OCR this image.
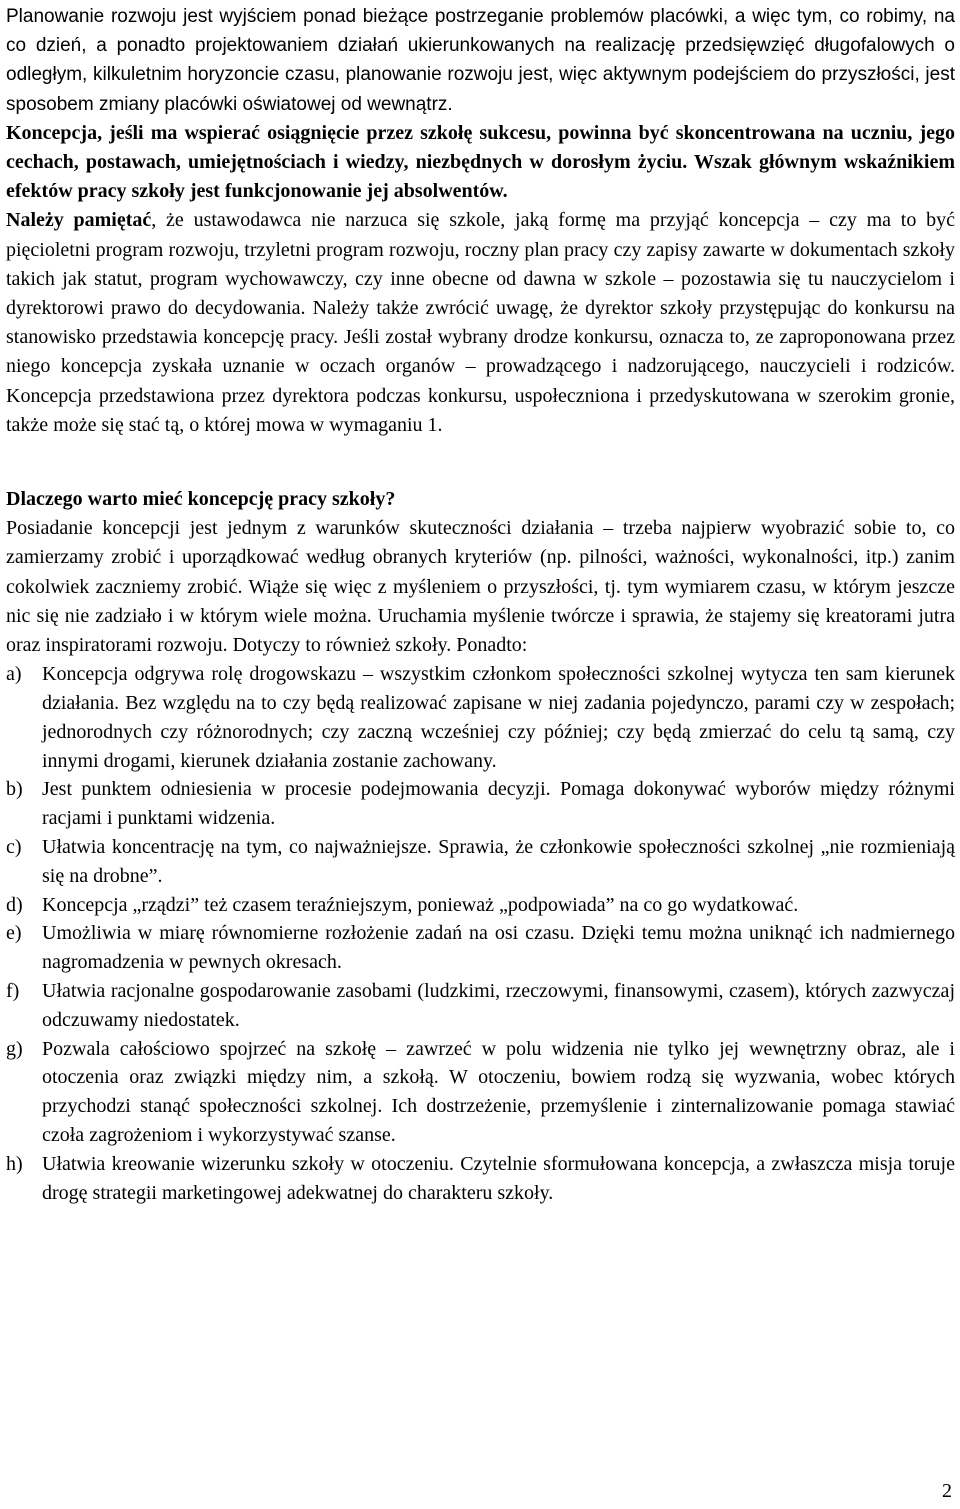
Planowanie rozwoju jest wyjściem ponad bieżące postrzeganie problemów placówki, a więc tym, co robimy, na co dzień, a ponadto projektowaniem działań ukierunkowanych na realizację przedsięwzięć długofalowych o odległym, kilkuletnim horyzoncie czasu, planowanie rozwoju jest, więc aktywnym podejściem do przyszłości, jest sposobem zmiany placówki oświatowej od wewnątrz.

Koncepcja, jeśli ma wspierać osiągnięcie przez szkołę sukcesu, powinna być skoncentrowana na uczniu, jego cechach, postawach, umiejętnościach i wiedzy, niezbędnych w dorosłym życiu. Wszak głównym wskaźnikiem efektów pracy szkoły jest funkcjonowanie jej absolwentów.
Należy pamiętać, że ustawodawca nie narzuca się szkole, jaką formę ma przyjąć koncepcja – czy ma to być pięcioletni program rozwoju, trzyletni program rozwoju, roczny plan pracy czy zapisy zawarte w dokumentach szkoły takich jak statut, program wychowawczy, czy inne obecne od dawna w szkole – pozostawia się tu nauczycielom i dyrektorowi prawo do decydowania. Należy także zwrócić uwagę, że dyrektor szkoły przystępując do konkursu na stanowisko przedstawia koncepcję pracy. Jeśli został wybrany drodze konkursu, oznacza to, ze zaproponowana przez niego koncepcja zyskała uznanie w oczach organów – prowadzącego i nadzorującego, nauczycieli i rodziców. Koncepcja przedstawiona przez dyrektora podczas konkursu, uspołeczniona i przedyskutowana w szerokim gronie, także może się stać tą, o której mowa w wymaganiu 1.

Dlaczego warto mieć koncepcję pracy szkoły?

Posiadanie koncepcji jest jednym z warunków skuteczności działania – trzeba najpierw wyobrazić sobie to, co zamierzamy zrobić i uporządkować według obranych kryteriów (np. pilności, ważności, wykonalności, itp.) zanim cokolwiek zaczniemy zrobić. Wiąże się więc z myśleniem o przyszłości, tj. tym wymiarem czasu, w którym jeszcze nic się nie zadziało i w którym wiele można. Uruchamia myślenie twórcze i sprawia, że stajemy się kreatorami jutra oraz inspiratorami rozwoju. Dotyczy to również szkoły. Ponadto:

a) Koncepcja odgrywa rolę drogowskazu – wszystkim członkom społeczności szkolnej wytycza ten sam kierunek działania. Bez względu na to czy będą realizować zapisane w niej zadania pojedynczo, parami czy w zespołach; jednorodnych czy różnorodnych; czy zaczną wcześniej czy później; czy będą zmierzać do celu tą samą, czy innymi drogami, kierunek działania zostanie zachowany.
b) Jest punktem odniesienia w procesie podejmowania decyzji. Pomaga dokonywać wyborów między różnymi racjami i punktami widzenia.
c) Ułatwia koncentrację na tym, co najważniejsze. Sprawia, że członkowie społeczności szkolnej „nie rozmieniają się na drobne”.
d) Koncepcja „rządzi” też czasem teraźniejszym, ponieważ „podpowiada” na co go wydatkować.
e) Umożliwia w miarę równomierne rozłożenie zadań na osi czasu. Dzięki temu można uniknąć ich nadmiernego nagromadzenia w pewnych okresach.
f) Ułatwia racjonalne gospodarowanie zasobami (ludzkimi, rzeczowymi, finansowymi, czasem), których zazwyczaj odczuwamy niedostatek.
g) Pozwala całościowo spojrzeć na szkołę – zawrzeć w polu widzenia nie tylko jej wewnętrzny obraz, ale i otoczenia oraz związki między nim, a szkołą. W otoczeniu, bowiem rodzą się wyzwania, wobec których przychodzi stanąć społeczności szkolnej. Ich dostrzeżenie, przemyślenie i zinternalizowanie pomaga stawiać czoła zagrożeniom i wykorzystywać szanse.
h) Ułatwia kreowanie wizerunku szkoły w otoczeniu. Czytelnie sformułowana koncepcja, a zwłaszcza misja toruje drogę strategii marketingowej adekwatnej do charakteru szkoły.
2
